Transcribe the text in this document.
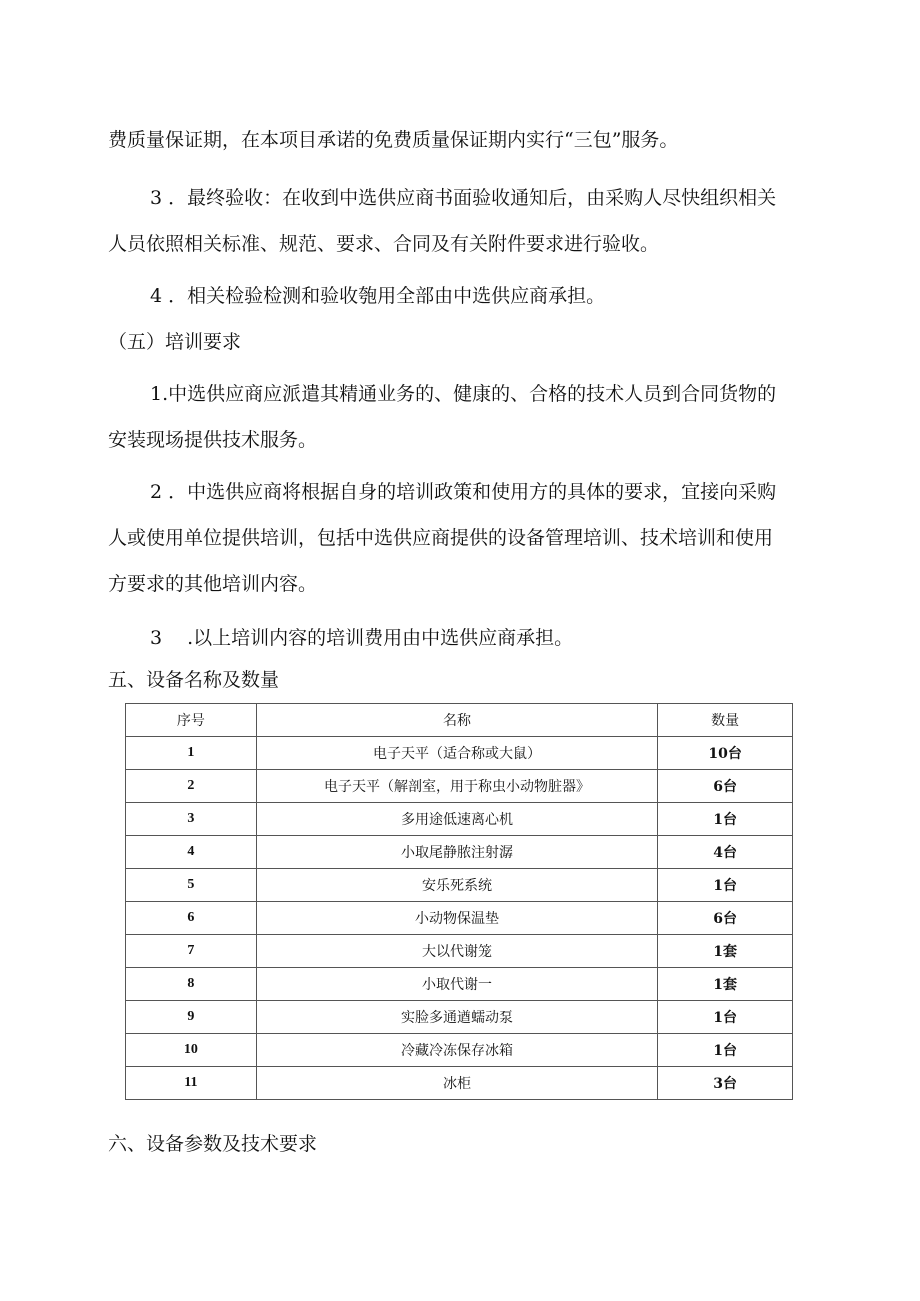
费质量保证期，在本项目承诺的免费质量保证期内实行“三包”服务。
3 ．最终验收：在收到中选供应商书面验收通知后，由采购人尽快组织相关
人员依照相关标准、规范、要求、合同及有关附件要求进行验收。
4 ．相关检验检测和验收匏用全部由中选供应商承担。
（五）培训要求
1.中选供应商应派遣其精通业务的、健康的、合格的技术人员到合同货物的
安装现场提供技术服务。
2 ．中选供应商将根据自身的培训政策和使用方的具体的要求，宜接向采购
人或使用单位提供培训，包括中选供应商提供的设备管理培训、技术培训和使用
方要求的其他培训内容。
3 　.以上培训内容的培训费用由中选供应商承担。
五、设备名称及数量
序号	名称	数量
1	电子天平（适合称或大鼠）	10台
2	电子天平（解剖室，用于称虫小动物脏器》	6台
3	多用途低速离心机	1台
4	小取尾静脓注射潺	4台
5	安乐死系统	1台
6	小动物保温垫	6台
7	大以代谢笼	1套
8	小取代谢一	1套
9	实脸多通遒蠕动泵	1台
10	冷藏冷冻保存冰箱	1台
11	冰柜	3台
六、设备参数及技术要求
